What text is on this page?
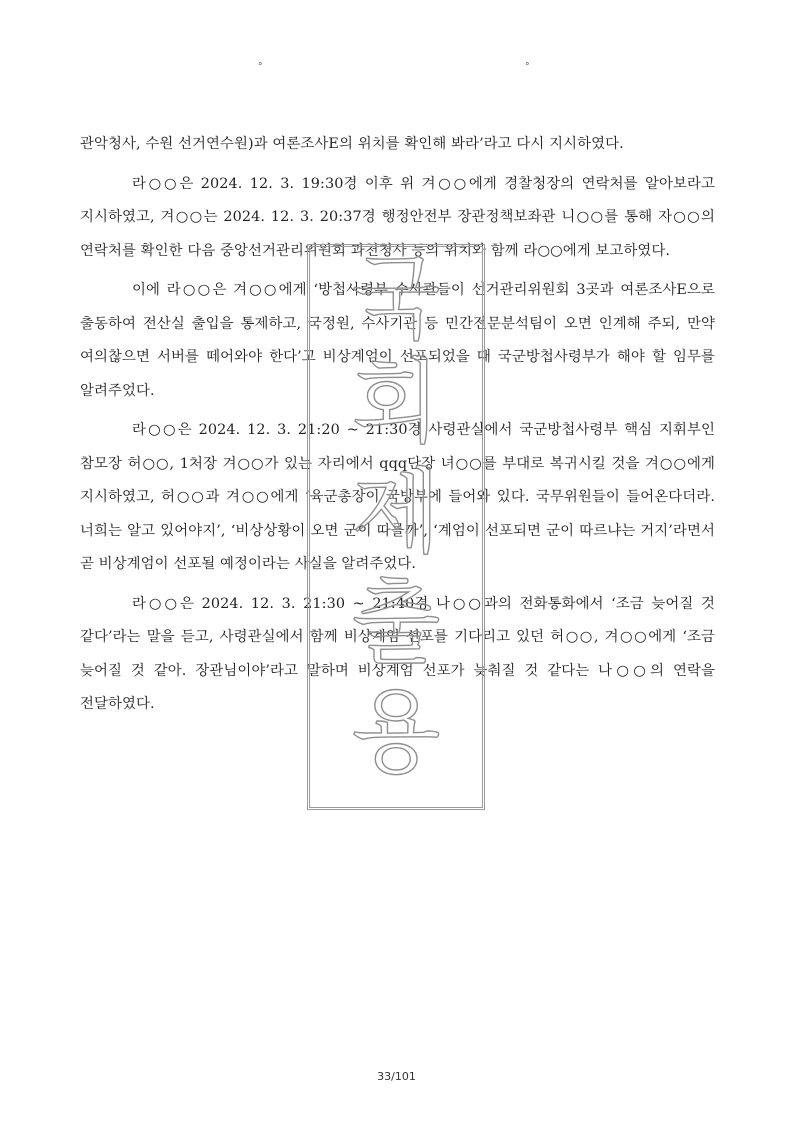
°	°

관악청사, 수원 선거연수원)과 여론조사E의 위치를 확인해 봐라’라고 다시 지시하였다.

라○○은 2024. 12. 3. 19:30경 이후 위 겨○○에게 경찰청장의 연락처를 알아보라고 지시하였고, 겨○○는 2024. 12. 3. 20:37경 행정안전부 장관정책보좌관 니○○를 통해 자○○의 연락처를 확인한 다음 중앙선거관리위원회 과천청사 등의 위치와 함께 라○○에게 보고하였다.

이에 라○○은 겨○○에게 ‘방첩사령부 수사관들이 선거관리위원회 3곳과 여론조사E으로 출동하여 전산실 출입을 통제하고, 국정원, 수사기관 등 민간전문분석팀이 오면 인계해 주되, 만약 여의찮으면 서버를 떼어와야 한다’고 비상계엄이 선포되었을 때 국군방첩사령부가 해야 할 임무를 알려주었다.

라○○은 2024. 12. 3. 21:20 ~ 21:30경 사령관실에서 국군방첩사령부 핵심 지휘부인 참모장 허○○, 1처장 겨○○가 있는 자리에서 qqq단장 녀○○를 부대로 복귀시킬 것을 겨○○에게 지시하였고, 허○○과 겨○○에게 ‘육군총장이 국방부에 들어와 있다. 국무위원들이 들어온다더라. 너희는 알고 있어야지’, ‘비상상황이 오면 군이 따를까’, ‘계엄이 선포되면 군이 따르냐는 거지’라면서 곧 비상계엄이 선포될 예정이라는 사실을 알려주었다.

라○○은 2024. 12. 3. 21:30 ~ 21:40경 나○○과의 전화통화에서 ‘조금 늦어질 것 같다’라는 말을 듣고, 사령관실에서 함께 비상계엄 선포를 기다리고 있던 허○○, 겨○○에게 ‘조금 늦어질 것 같아. 장관님이야’라고 말하며 비상계엄 선포가 늦춰질 것 같다는 나○○의 연락을 전달하였다.

국
회
제
출
용
33/101
